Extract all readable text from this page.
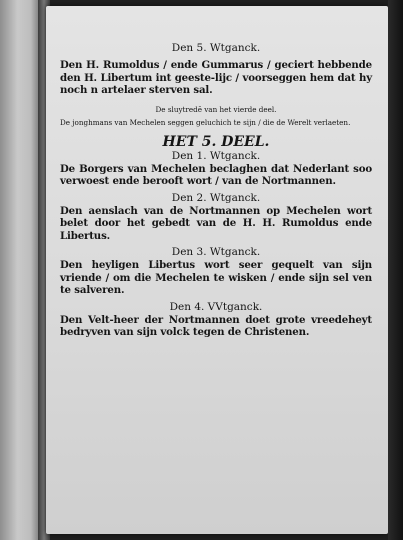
Den 5. Wtganck.

Den H. Rumoldus / ende Gummarus / geciert hebbende den H. Libertum int geeste-lijc / voorseggen hem dat hy noch n artelaer sterven sal.

De sluytredē van het vierde deel.

De jonghmans van Mechelen seggen geluchich te sijn / die de Werelt verlaeten.

HET 5. DEEL.

Den 1. Wtganck.

De Borgers van Mechelen beclaghen dat Nederlant soo verwoest ende berooft wort / van de Nortmannen.

Den 2. Wtganck.

Den aenslach van de Nortmannen op Mechelen wort belet door het gebedt van de H. H. Rumoldus ende Libertus.

Den 3. Wtganck.

Den heyligen Libertus wort seer gequelt van sijn vriende / om die Mechelen te wisken / ende sijn sel ven te salveren.

Den 4. VVtganck.

Den Velt-heer der Nortmannen doet grote vreedeheyt bedryven van sijn volck tegen de Christenen.
